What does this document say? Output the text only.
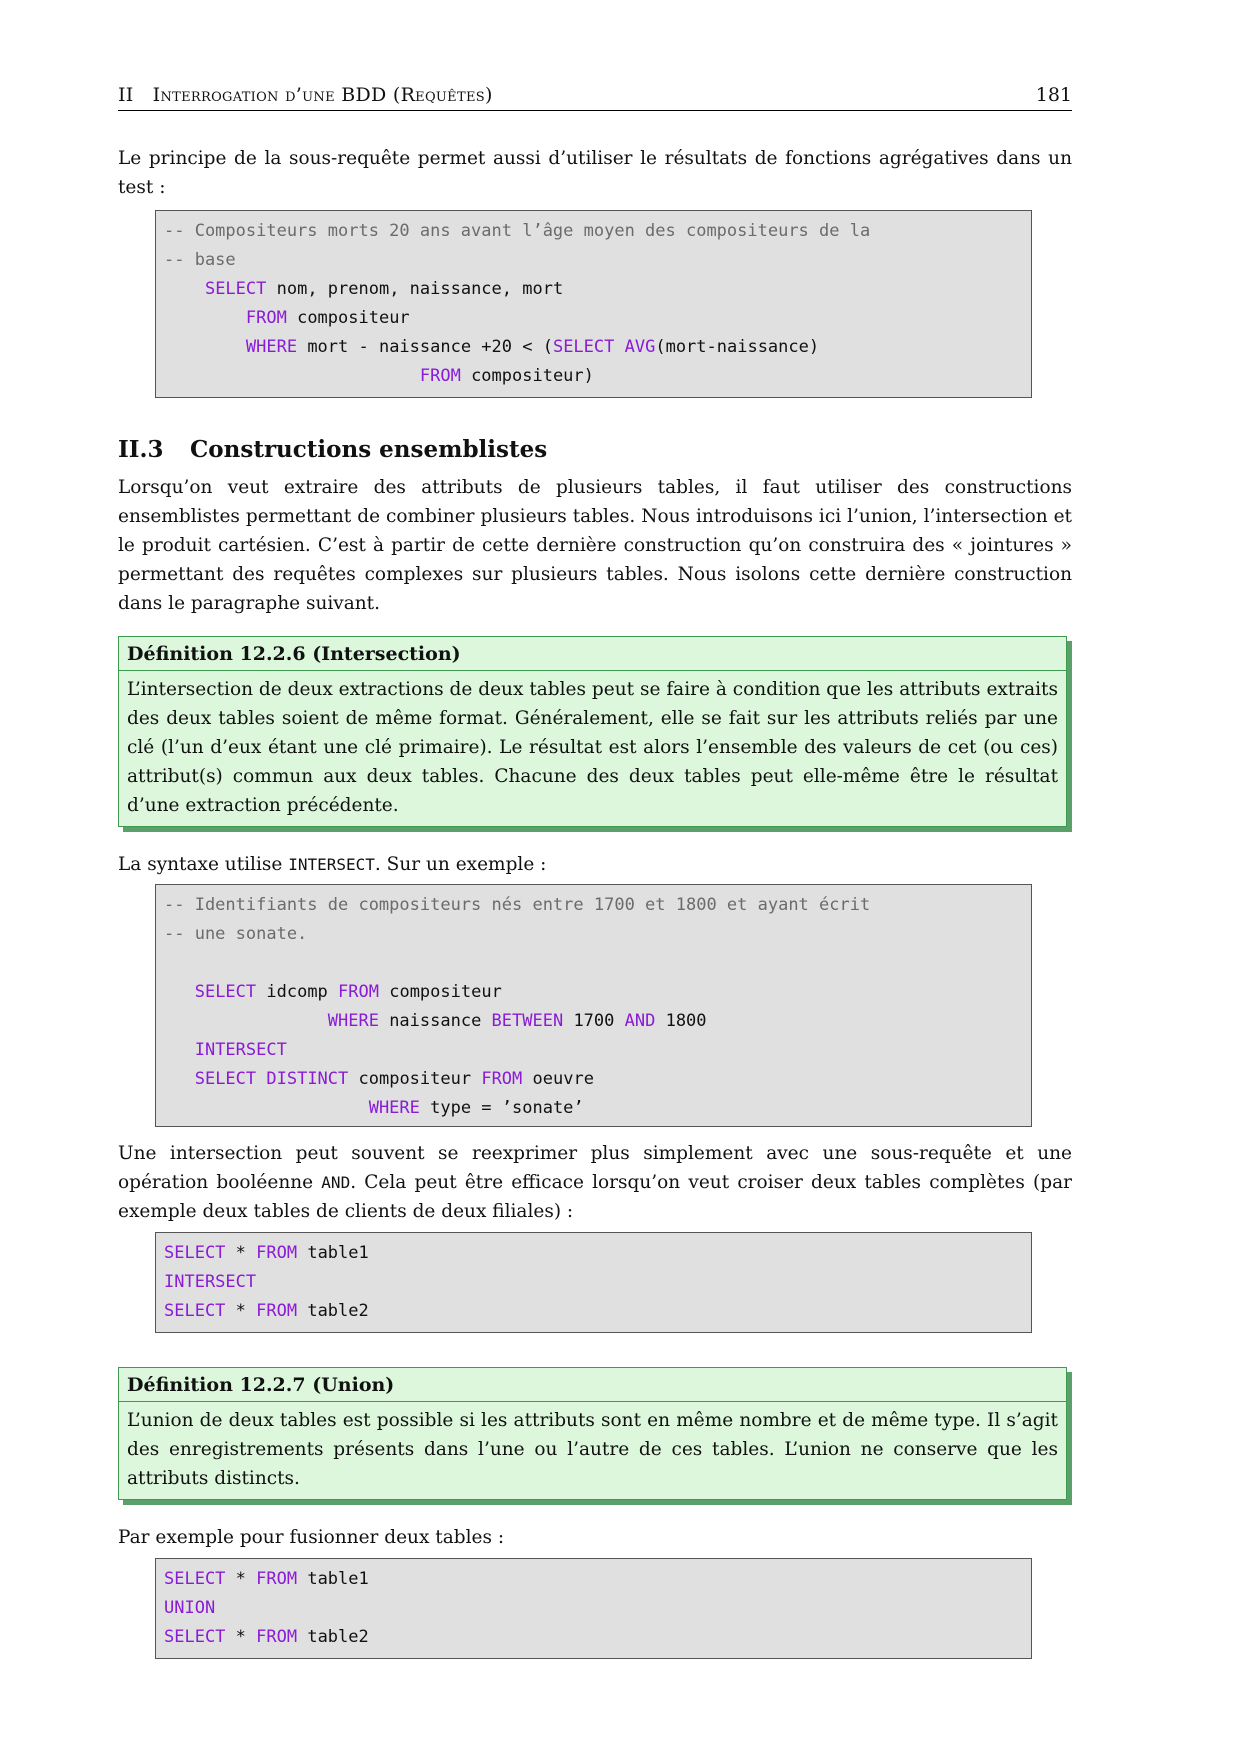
II Interrogation d’une BDD (Requêtes)	181

Le principe de la sous-requête permet aussi d’utiliser le résultats de fonctions agrégatives dans un test :

-- Compositeurs morts 20 ans avant l’âge moyen des compositeurs de la
-- base
SELECT nom, prenom, naissance, mort
FROM compositeur
WHERE mort - naissance +20 < (SELECT AVG(mort-naissance)
FROM compositeur)
II.3	Constructions ensemblistes

Lorsqu’on veut extraire des attributs de plusieurs tables, il faut utiliser des constructions ensemblistes permettant de combiner plusieurs tables. Nous introduisons ici l’union, l’intersection et le produit cartésien. C’est à partir de cette dernière construction qu’on construira des « jointures » permettant des requêtes complexes sur plusieurs tables. Nous isolons cette dernière construction dans le paragraphe suivant.

Définition 12.2.6 (Intersection)
L’intersection de deux extractions de deux tables peut se faire à condition que les attributs extraits des deux tables soient de même format. Généralement, elle se fait sur les attributs reliés par une clé (l’un d’eux étant une clé primaire). Le résultat est alors l’ensemble des valeurs de cet (ou ces) attribut(s) commun aux deux tables. Chacune des deux tables peut elle-même être le résultat d’une extraction précédente.

La syntaxe utilise INTERSECT. Sur un exemple :

-- Identifiants de compositeurs nés entre 1700 et 1800 et ayant écrit
-- une sonate.

SELECT idcomp FROM compositeur
WHERE naissance BETWEEN 1700 AND 1800
INTERSECT
SELECT DISTINCT compositeur FROM oeuvre
WHERE type = ’sonate’

Une intersection peut souvent se reexprimer plus simplement avec une sous-requête et une opération booléenne AND. Cela peut être efficace lorsqu’on veut croiser deux tables complètes (par exemple deux tables de clients de deux filiales) :

SELECT * FROM table1
INTERSECT
SELECT * FROM table2
Définition 12.2.7 (Union)
L’union de deux tables est possible si les attributs sont en même nombre et de même type. Il s’agit des enregistrements présents dans l’une ou l’autre de ces tables. L’union ne conserve que les attributs distincts.

Par exemple pour fusionner deux tables :

SELECT * FROM table1
UNION
SELECT * FROM table2
